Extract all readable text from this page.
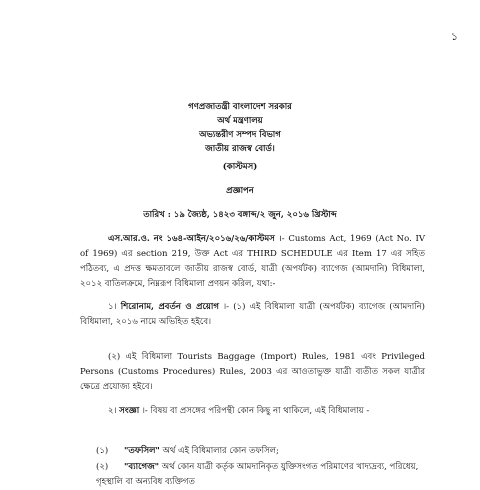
১
গণপ্রজাতন্ত্রী বাংলাদেশ সরকার
অর্থ মন্ত্রণালয়
অভ্যন্তরীণ সম্পদ বিভাগ
জাতীয় রাজস্ব বোর্ড।
(কাস্টমস)
প্রজ্ঞাপন
তারিখ : ১৯ জ্যৈষ্ঠ, ১৪২৩ বঙ্গাব্দ/২ জুন, ২০১৬ খ্রিস্টাব্দ
এস.আর.ও. নং ১৬৪-আইন/২০১৬/২৬/কাস্টমস ।- Customs Act, 1969 (Act No. IV of 1969) এর section 219, উক্ত Act এর THIRD SCHEDULE এর Item 17 এর সহিত পঠিতব্য, এ প্রদত্ত ক্ষমতাবলে জাতীয় রাজস্ব বোর্ড, যাত্রী (অপর্যটক) ব্যাগেজ (আমদানি) বিধিমালা, ২০১২ বাতিলক্রমে, নিম্নরূপ বিধিমালা প্রণয়ন করিল, যথা:-
১। শিরোনাম, প্রবর্তন ও প্রয়োগ ।- (১) এই বিধিমালা যাত্রী (অপর্যটক) ব্যাগেজ (আমদানি) বিধিমালা, ২০১৬ নামে অভিহিত হইবে।
(২) এই বিধিমালা Tourists Baggage (Import) Rules, 1981 এবং Privileged Persons (Customs Procedures) Rules, 2003 এর আওতাভুক্ত যাত্রী ব্যতীত সকল যাত্রীর ক্ষেত্রে প্রযোজ্য হইবে।
২। সংজ্ঞা ।- বিষয় বা প্রসঙ্গের পরিপন্থী কোন কিছু না থাকিলে, এই বিধিমালায় -
(১) "তফসিল" অর্থ এই বিধিমালার কোন তফসিল;
(২) "ব্যাগেজ" অর্থ কোন যাত্রী কর্তৃক আমদানিকৃত যুক্তিসংগত পরিমাণের খাদ্যদ্রব্য, পরিধেয়, গৃহস্থালি বা অন্যবিধ ব্যক্তিগত
